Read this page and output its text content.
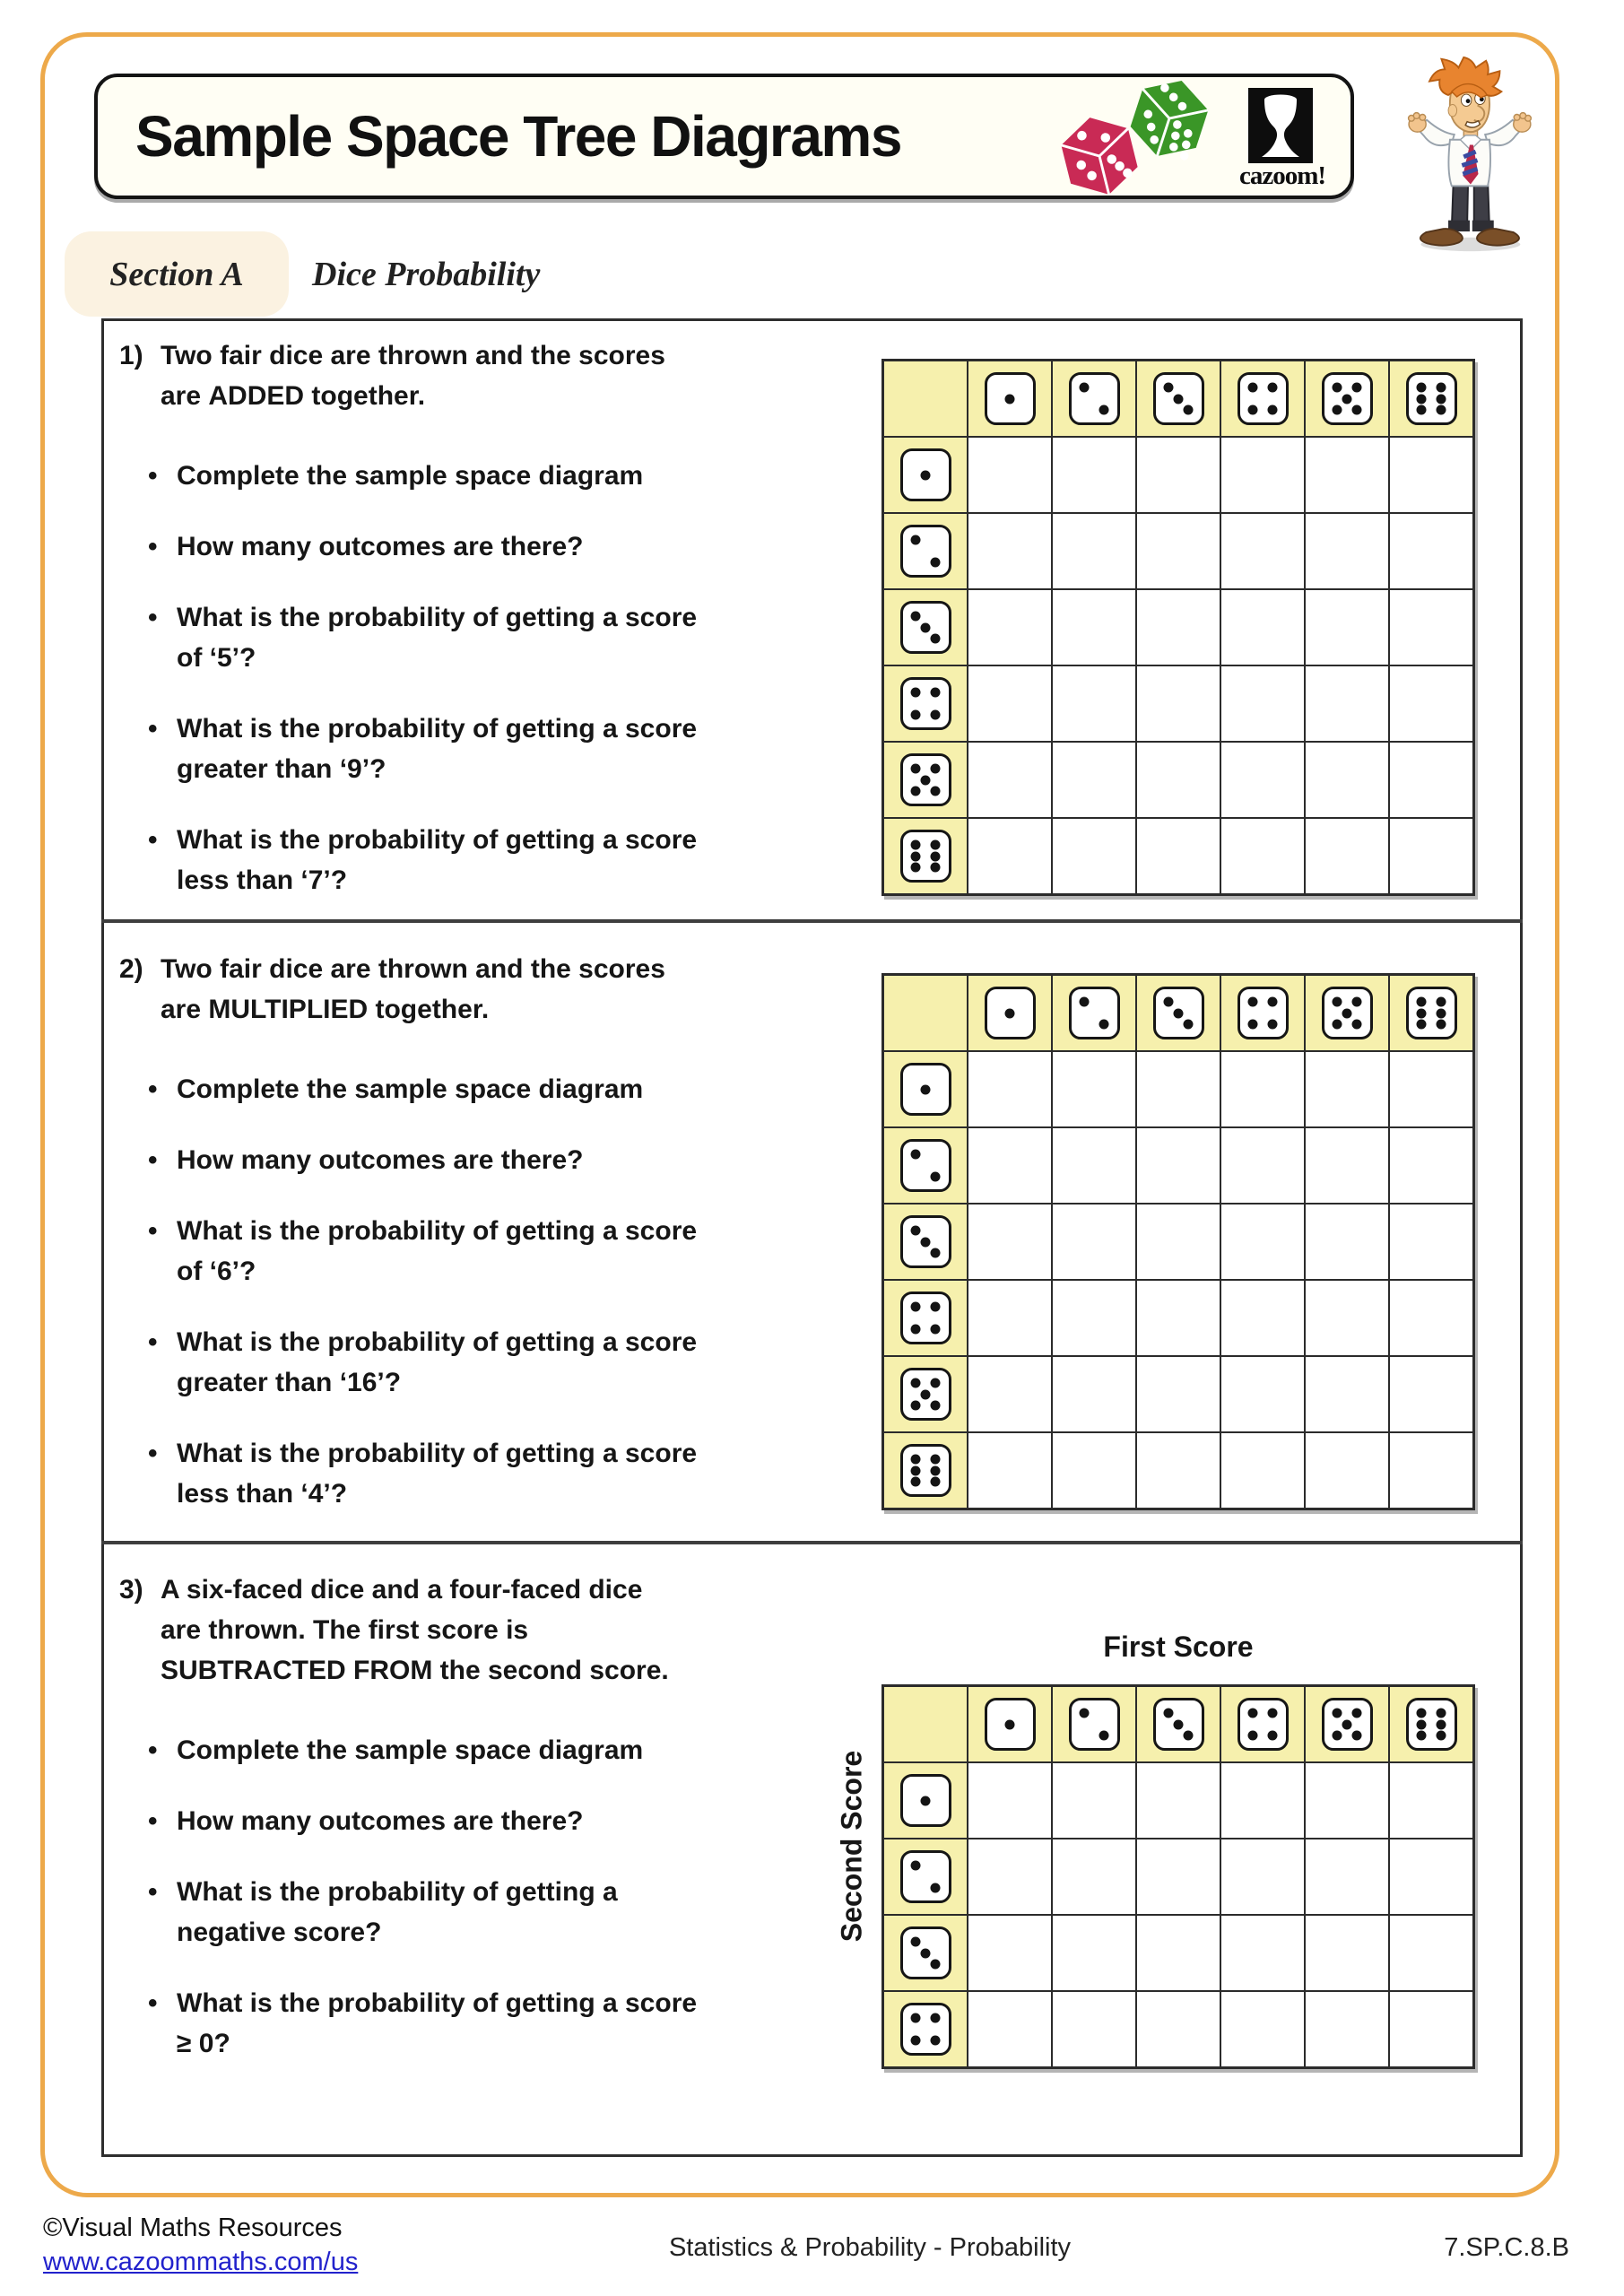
Sample Space Tree Diagrams
cazoom!
Section A Dice Probability
1) Two fair dice are thrown and the scores are ADDED together.
• Complete the sample space diagram
• How many outcomes are there?
• What is the probability of getting a score of ‘5’?
• What is the probability of getting a score greater than ‘9’?
• What is the probability of getting a score less than ‘7’?
2) Two fair dice are thrown and the scores are MULTIPLIED together.
• Complete the sample space diagram
• How many outcomes are there?
• What is the probability of getting a score of ‘6’?
• What is the probability of getting a score greater than ‘16’?
• What is the probability of getting a score less than ‘4’?
3) A six-faced dice and a four-faced dice are thrown. The first score is SUBTRACTED FROM the second score.
• Complete the sample space diagram
• How many outcomes are there?
• What is the probability of getting a negative score?
• What is the probability of getting a score ≥ 0?
First Score
Second Score
©Visual Maths Resources
www.cazoommaths.com/us	Statistics & Probability - Probability	7.SP.C.8.B
